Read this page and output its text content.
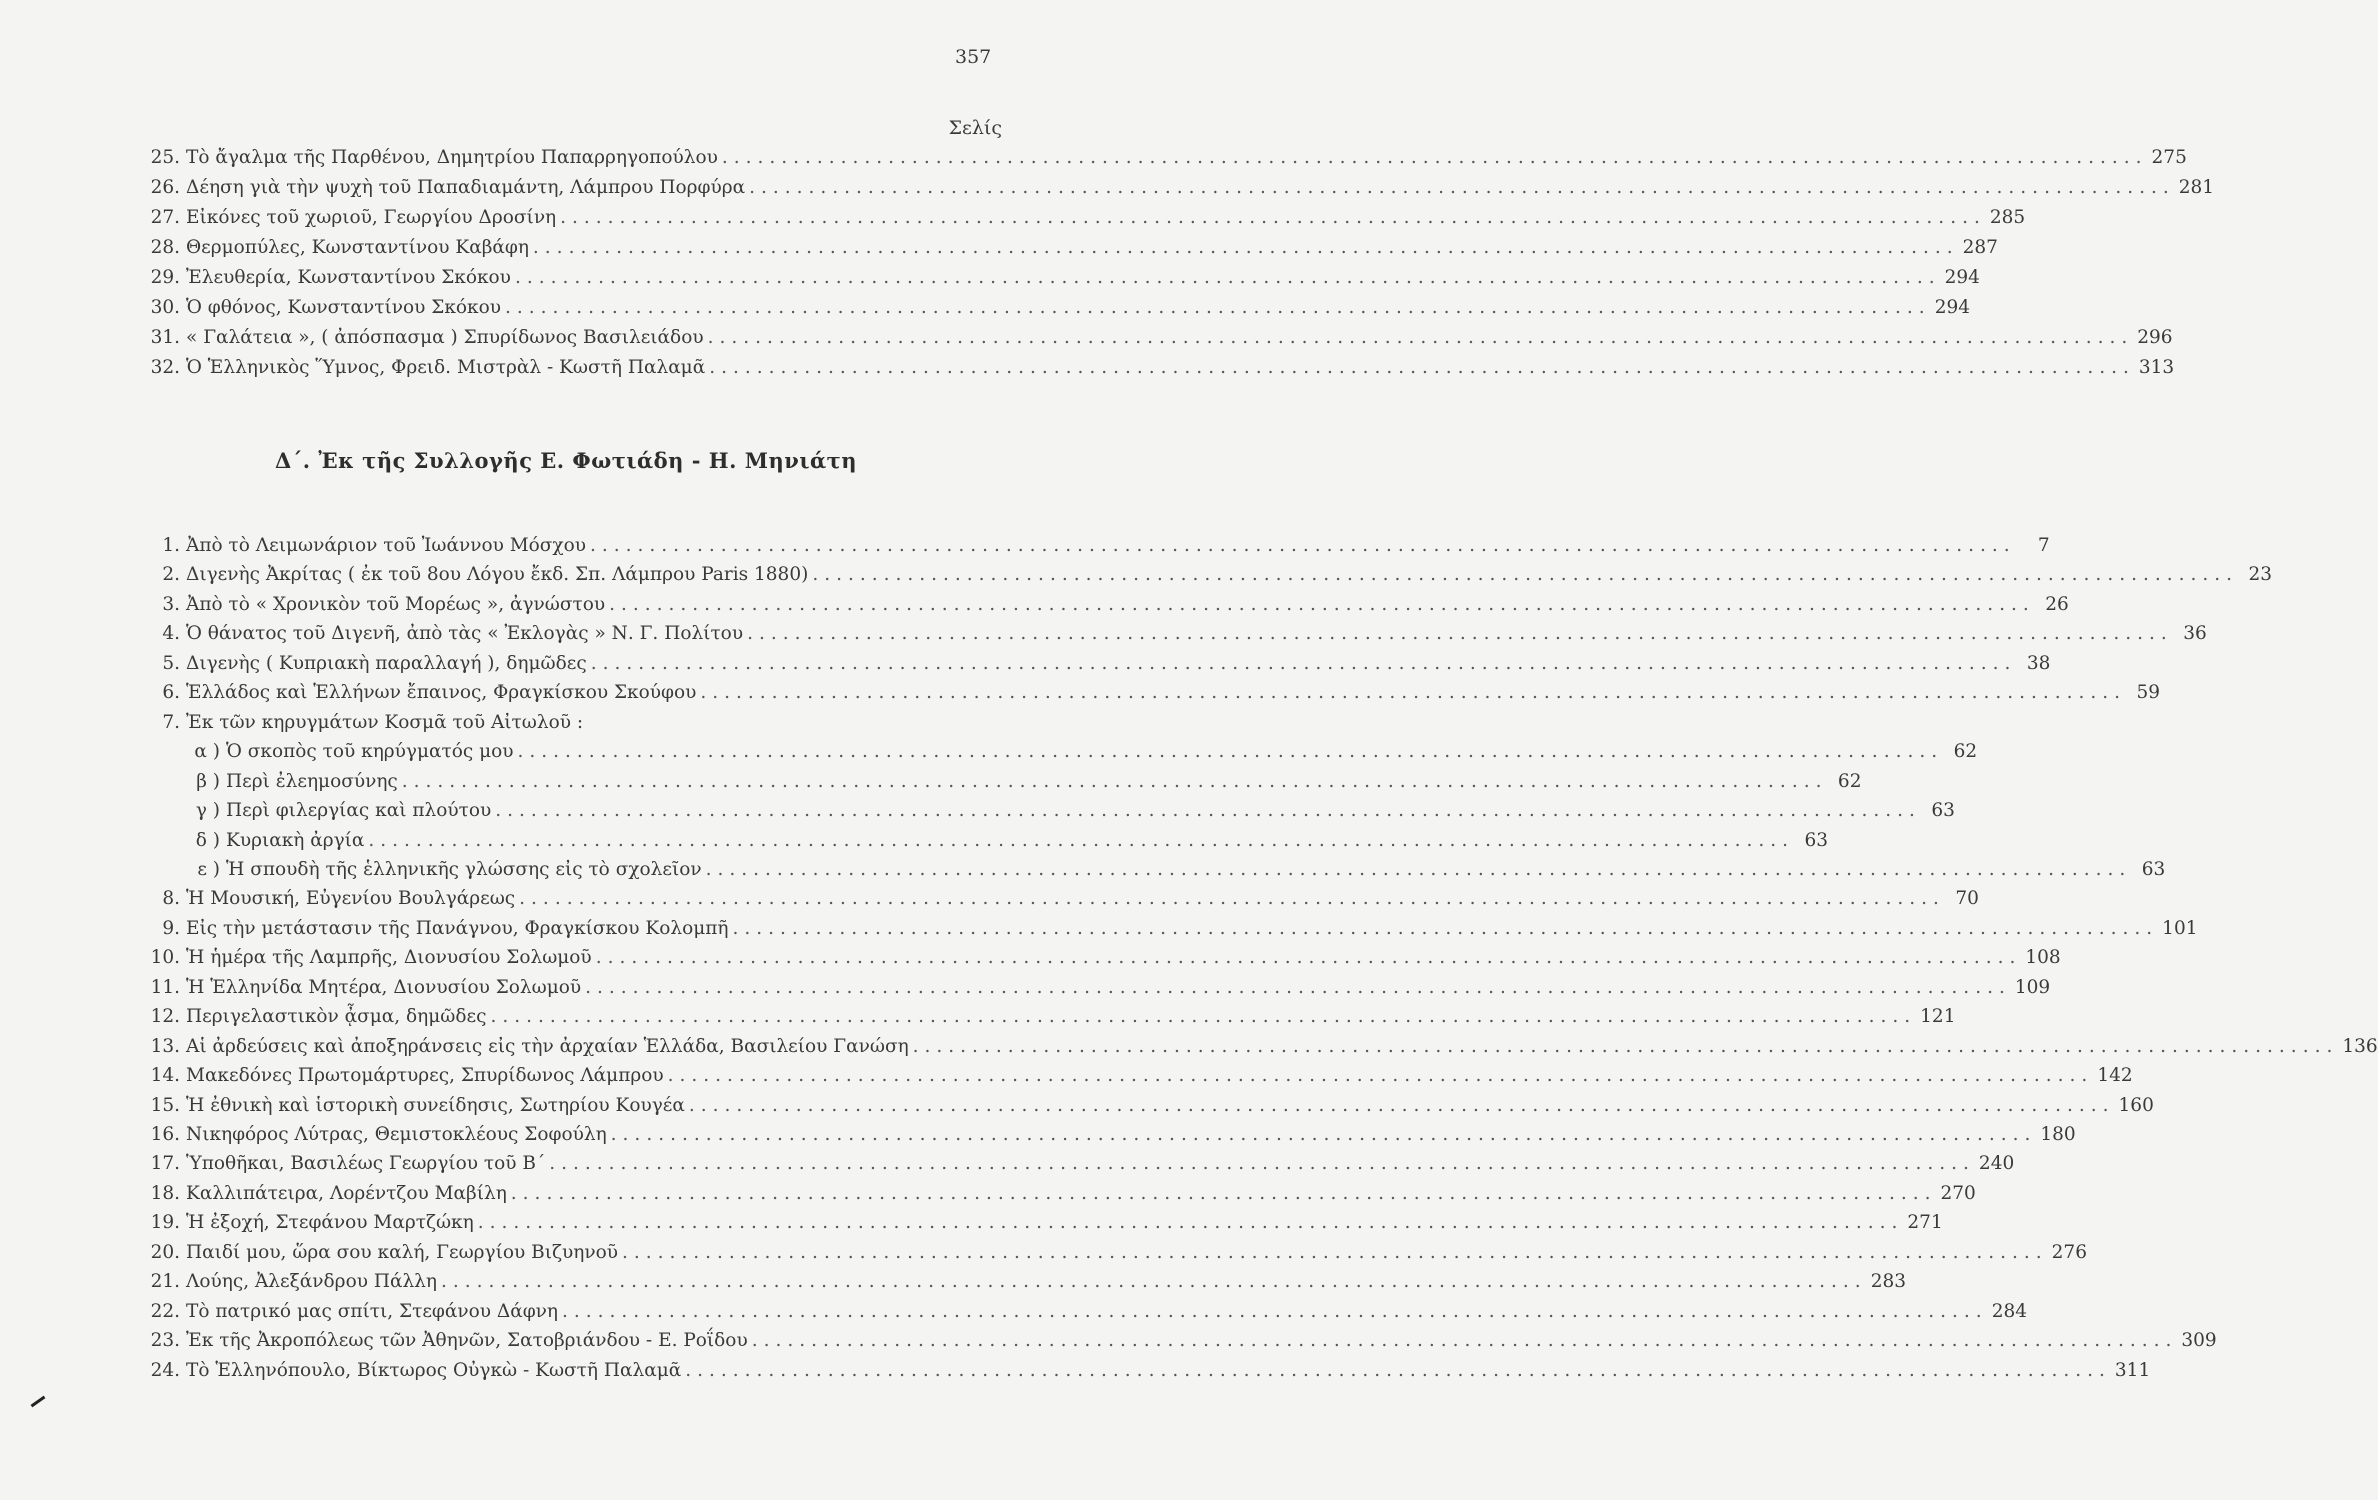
357
Σελίς
25. Τὸ ἄγαλμα τῆς Παρθένου, Δημητρίου Παπαρρηγοπούλου ........................................................................................................................ 275
26. Δέηση γιὰ τὴν ψυχὴ τοῦ Παπαδιαμάντη, Λάμπρου Πορφύρα ........................................................................................................................ 281
27. Εἰκόνες τοῦ χωριοῦ, Γεωργίου Δροσίνη ........................................................................................................................ 285
28. Θερμοπύλες, Κωνσταντίνου Καβάφη ........................................................................................................................ 287
29. Ἐλευθερία, Κωνσταντίνου Σκόκου ........................................................................................................................ 294
30. Ὁ φθόνος, Κωνσταντίνου Σκόκου ........................................................................................................................ 294
31. « Γαλάτεια », ( ἀπόσπασμα ) Σπυρίδωνος Βασιλειάδου ........................................................................................................................ 296
32. Ὁ Ἑλληνικὸς Ὕμνος, Φρειδ. Μιστρὰλ - Κωστῆ Παλαμᾶ ........................................................................................................................ 313
Δ΄. Ἐκ τῆς Συλλογῆς Ε. Φωτιάδη - Η. Μηνιάτη
1. Ἀπὸ τὸ Λειμωνάριον τοῦ Ἰωάννου Μόσχου ........................................................................................................................	7
2. Διγενὴς Ἀκρίτας ( ἐκ τοῦ 8ου Λόγου ἔκδ. Σπ. Λάμπρου Paris 1880) ........................................................................................................................ 23
3. Ἀπὸ τὸ « Χρονικὸν τοῦ Μορέως », ἀγνώστου ........................................................................................................................ 26
4. Ὁ θάνατος τοῦ Διγενῆ, ἀπὸ τὰς « Ἐκλογὰς » Ν. Γ. Πολίτου ........................................................................................................................ 36
5. Διγενὴς ( Κυπριακὴ παραλλαγή ), δημῶδες ........................................................................................................................ 38
6. Ἑλλάδος καὶ Ἑλλήνων ἔπαινος, Φραγκίσκου Σκούφου ........................................................................................................................ 59
7. Ἐκ τῶν κηρυγμάτων Κοσμᾶ τοῦ Αἰτωλοῦ :
α ) Ὁ σκοπὸς τοῦ κηρύγματός μου ........................................................................................................................ 62
β ) Περὶ ἐλεημοσύνης ........................................................................................................................ 62
γ ) Περὶ φιλεργίας καὶ πλούτου ........................................................................................................................ 63
δ ) Κυριακὴ ἀργία ........................................................................................................................ 63
ε ) Ἡ σπουδὴ τῆς ἑλληνικῆς γλώσσης εἰς τὸ σχολεῖον ........................................................................................................................ 63
8. Ἡ Μουσική, Εὐγενίου Βουλγάρεως ........................................................................................................................ 70
9. Εἰς τὴν μετάστασιν τῆς Πανάγνου, Φραγκίσκου Κολομπῆ ........................................................................................................................ 101
10. Ἡ ἡμέρα τῆς Λαμπρῆς, Διονυσίου Σολωμοῦ ........................................................................................................................ 108
11. Ἡ Ἑλληνίδα Μητέρα, Διονυσίου Σολωμοῦ ........................................................................................................................ 109
12. Περιγελαστικὸν ᾆσμα, δημῶδες ........................................................................................................................ 121
13. Αἱ ἀρδεύσεις καὶ ἀποξηράνσεις εἰς τὴν ἀρχαίαν Ἑλλάδα, Βασιλείου Γανώση ........................................................................................................................ 136
14. Μακεδόνες Πρωτομάρτυρες, Σπυρίδωνος Λάμπρου ........................................................................................................................ 142
15. Ἡ ἐθνικὴ καὶ ἱστορικὴ συνείδησις, Σωτηρίου Κουγέα ........................................................................................................................ 160
16. Νικηφόρος Λύτρας, Θεμιστοκλέους Σοφούλη ........................................................................................................................ 180
17. Ὑποθῆκαι, Βασιλέως Γεωργίου τοῦ Β΄ ........................................................................................................................ 240
18. Καλλιπάτειρα, Λορέντζου Μαβίλη ........................................................................................................................ 270
19. Ἡ ἐξοχή, Στεφάνου Μαρτζώκη ........................................................................................................................ 271
20. Παιδί μου, ὥρα σου καλή, Γεωργίου Βιζυηνοῦ ........................................................................................................................ 276
21. Λούης, Ἀλεξάνδρου Πάλλη ........................................................................................................................ 283
22. Τὸ πατρικό μας σπίτι, Στεφάνου Δάφνη ........................................................................................................................ 284
23. Ἐκ τῆς Ἀκροπόλεως τῶν Ἀθηνῶν, Σατοβριάνδου - Ε. Ροΐδου ........................................................................................................................ 309
24. Τὸ Ἑλληνόπουλο, Βίκτωρος Οὐγκὼ - Κωστῆ Παλαμᾶ ........................................................................................................................ 311
